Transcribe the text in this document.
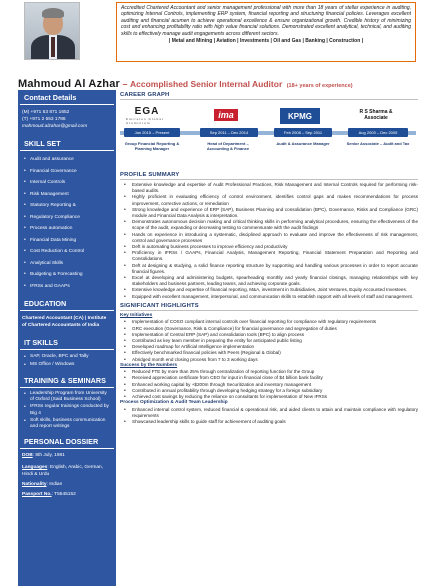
Accredited Chartered Accountant and senior management professional with more than 18 years of stellar experience in auditing, optimizing Internal Controls, implementing ERP system, financial reporting and structuring financial policies. Leverages excellent auditing and financial acumen to achieve operational excellence & ensure organizational growth. Credible history of minimizing cost and enhancing profitability ratio with high value financial solutions. Demonstrated excellent analytical, technical, and auditing skills to effectively manage audit engagements across different sectors.
| Metal and Mining | Aviation | Investments | Oil and Gas | Banking | Construction |
Mahmoud Al Azhar – Accomplished Senior Internal Auditor (18+ years of experience)
Contact Details
(M) +971 53 871 1652
(T) +971 2 553 1786
mahmoud.alzahar@gmail.com
SKILL SET
• Audit and assurance
• Financial Governance
• Internal Controls
• Risk Management
• Statutory Reporting &
• Regulatory Compliance
• Process automation
• Financial Data Mining
• Cost Reduction & Control
• Analytical Skills
• Budgeting & Forecasting
• IFRSs and GAAPs
EDUCATION
Chartered Accountant (CA) | Institute of Chartered Accountants of India
IT SKILLS
• SAP, Oracle, BPC and Tally
• MS Office / Windows
TRAINING & SEMINARS
• Leadership Program from University of Oxford (Said Business School)
• IFRSs regular trainings conducted by Big 4
• Soft skills, business communication and report writings
PERSONAL DOSSIER
DOB: 8th July, 1981
Languages: English, Arabic, German, Hindi & Urdu
Nationality: Indian
Passport No.: T5545152
CAREER GRAPH
EGA
Emirates Global Aluminium
ima	KPMG	R S Sharma &
Associate
Jan 2015 – Present	Sep 2011 – Dec 2014	Feb 2008 – Sep 2011	Aug 2003 – Dec 2005
Group Financial Reporting & Planning Manager
Head of Department – Accounting & Finance
Audit & Assurance Manager	Senior Associate – Audit and Tax
PROFILE SUMMARY
• Extensive knowledge and expertise of Audit Professional Practices, Risk Management and Internal Controls required for performing risk-based audits.
• Highly proficient in evaluating efficiency of control environment, identifies control gaps and makes recommendations for process improvement, corrective actions, or remediation
• Strong knowledge and experience of ERP (SAP), Business Planning and consolidation (BPC), Governance, Risks and Compliance (GRC) module and Financial Data Analysis & interpretation.
• Demonstrates autonomous decision making and critical thinking skills in performing analytical procedures, ensuring the effectiveness of the scope of the audit, expanding or decreasing testing to commensurate with the audit findings
• Hands on experience in introducing a systematic, disciplined approach to evaluate and improve the effectiveness of risk management, control and governance processes
• Deft in automating business processes to improve efficiency and productivity
• Proficiency in IFRSs / GAAPs, Financial Analysis, Management Reporting, Financial Statement Preparation and Reporting and Consolidations.
• Deft at designing & studying, a solid finance reporting structure by supporting and handling various processes in order to report accurate financial figures.
• Excel at developing and administering budgets, spearheading monthly and yearly financial closings, managing relationships with key stakeholders and business partners, leading teams, and achieving corporate goals.
• Extensive knowledge and expertise of financial reporting, M&A, investment in Subsidiaries, Joint Ventures, Equity Accounted Investees.
• Equipped with excellent management, interpersonal, and communication skills to establish rapport with all levels of staff and management.
SIGNIFICANT HIGHLIGHTS
Key Initiatives
• Implementation of COSO compliant internal controls over financial reporting for compliance with regulatory requirements
• GRC execution (Governance, Risk & Compliance) for financial governance and segregation of duties
• Implementation of Central ERP (SAP) and consolidation tools (BPC) to align process
• Contributed as key team member in preparing the entity for anticipated public listing
• Developed roadmap for Artificial Intelligence implementation
• Effectively benchmarked financial policies with Peers (Regional & Global)
• Abridged month end closing process from 7 to 3 working days
Success by the Numbers
• Reduced FTE by more than 25% through centralization of reporting function for the Group
• Received appreciation certificate from CEO for input in financial close of $4 billion bank facility
• Enhanced working capital by +$200m through Securitization and inventory management
• Contributed in annual profitability through developing hedging strategy for a foreign subsidiary
• Achieved cost savings by reducing the reliance on consultants for implementation of New IFRSs
Process Optimization & Audit Team Leadership
• Enhanced internal control system, reduced financial & operational risk, and aided clients to attain and maintain compliance with regulatory requirements
• Showcased leadership skills to guide staff for achievement of auditing goals
